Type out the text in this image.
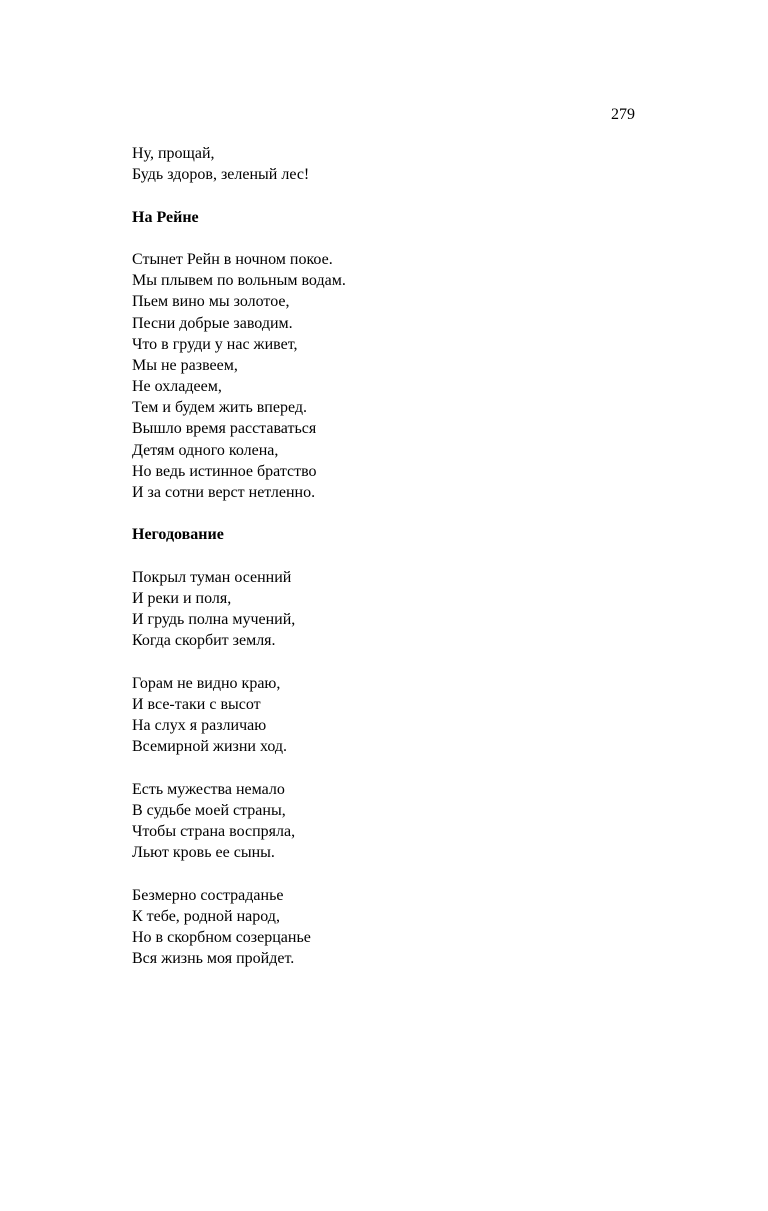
279
Ну, прощай,
Будь здоров, зеленый лес!
На Рейне
Стынет Рейн в ночном покое.
Мы плывем по вольным водам.
Пьем вино мы золотое,
Песни добрые заводим.
Что в груди у нас живет,
Мы не развеем,
Не охладеем,
Тем и будем жить вперед.
Вышло время расставаться
Детям одного колена,
Но ведь истинное братство
И за сотни верст нетленно.
Негодование
Покрыл туман осенний
И реки и поля,
И грудь полна мучений,
Когда скорбит земля.
Горам не видно краю,
И все-таки с высот
На слух я различаю
Всемирной жизни ход.
Есть мужества немало
В судьбе моей страны,
Чтобы страна воспряла,
Льют кровь ее сыны.
Безмерно состраданье
К тебе, родной народ,
Но в скорбном созерцанье
Вся жизнь моя пройдет.
